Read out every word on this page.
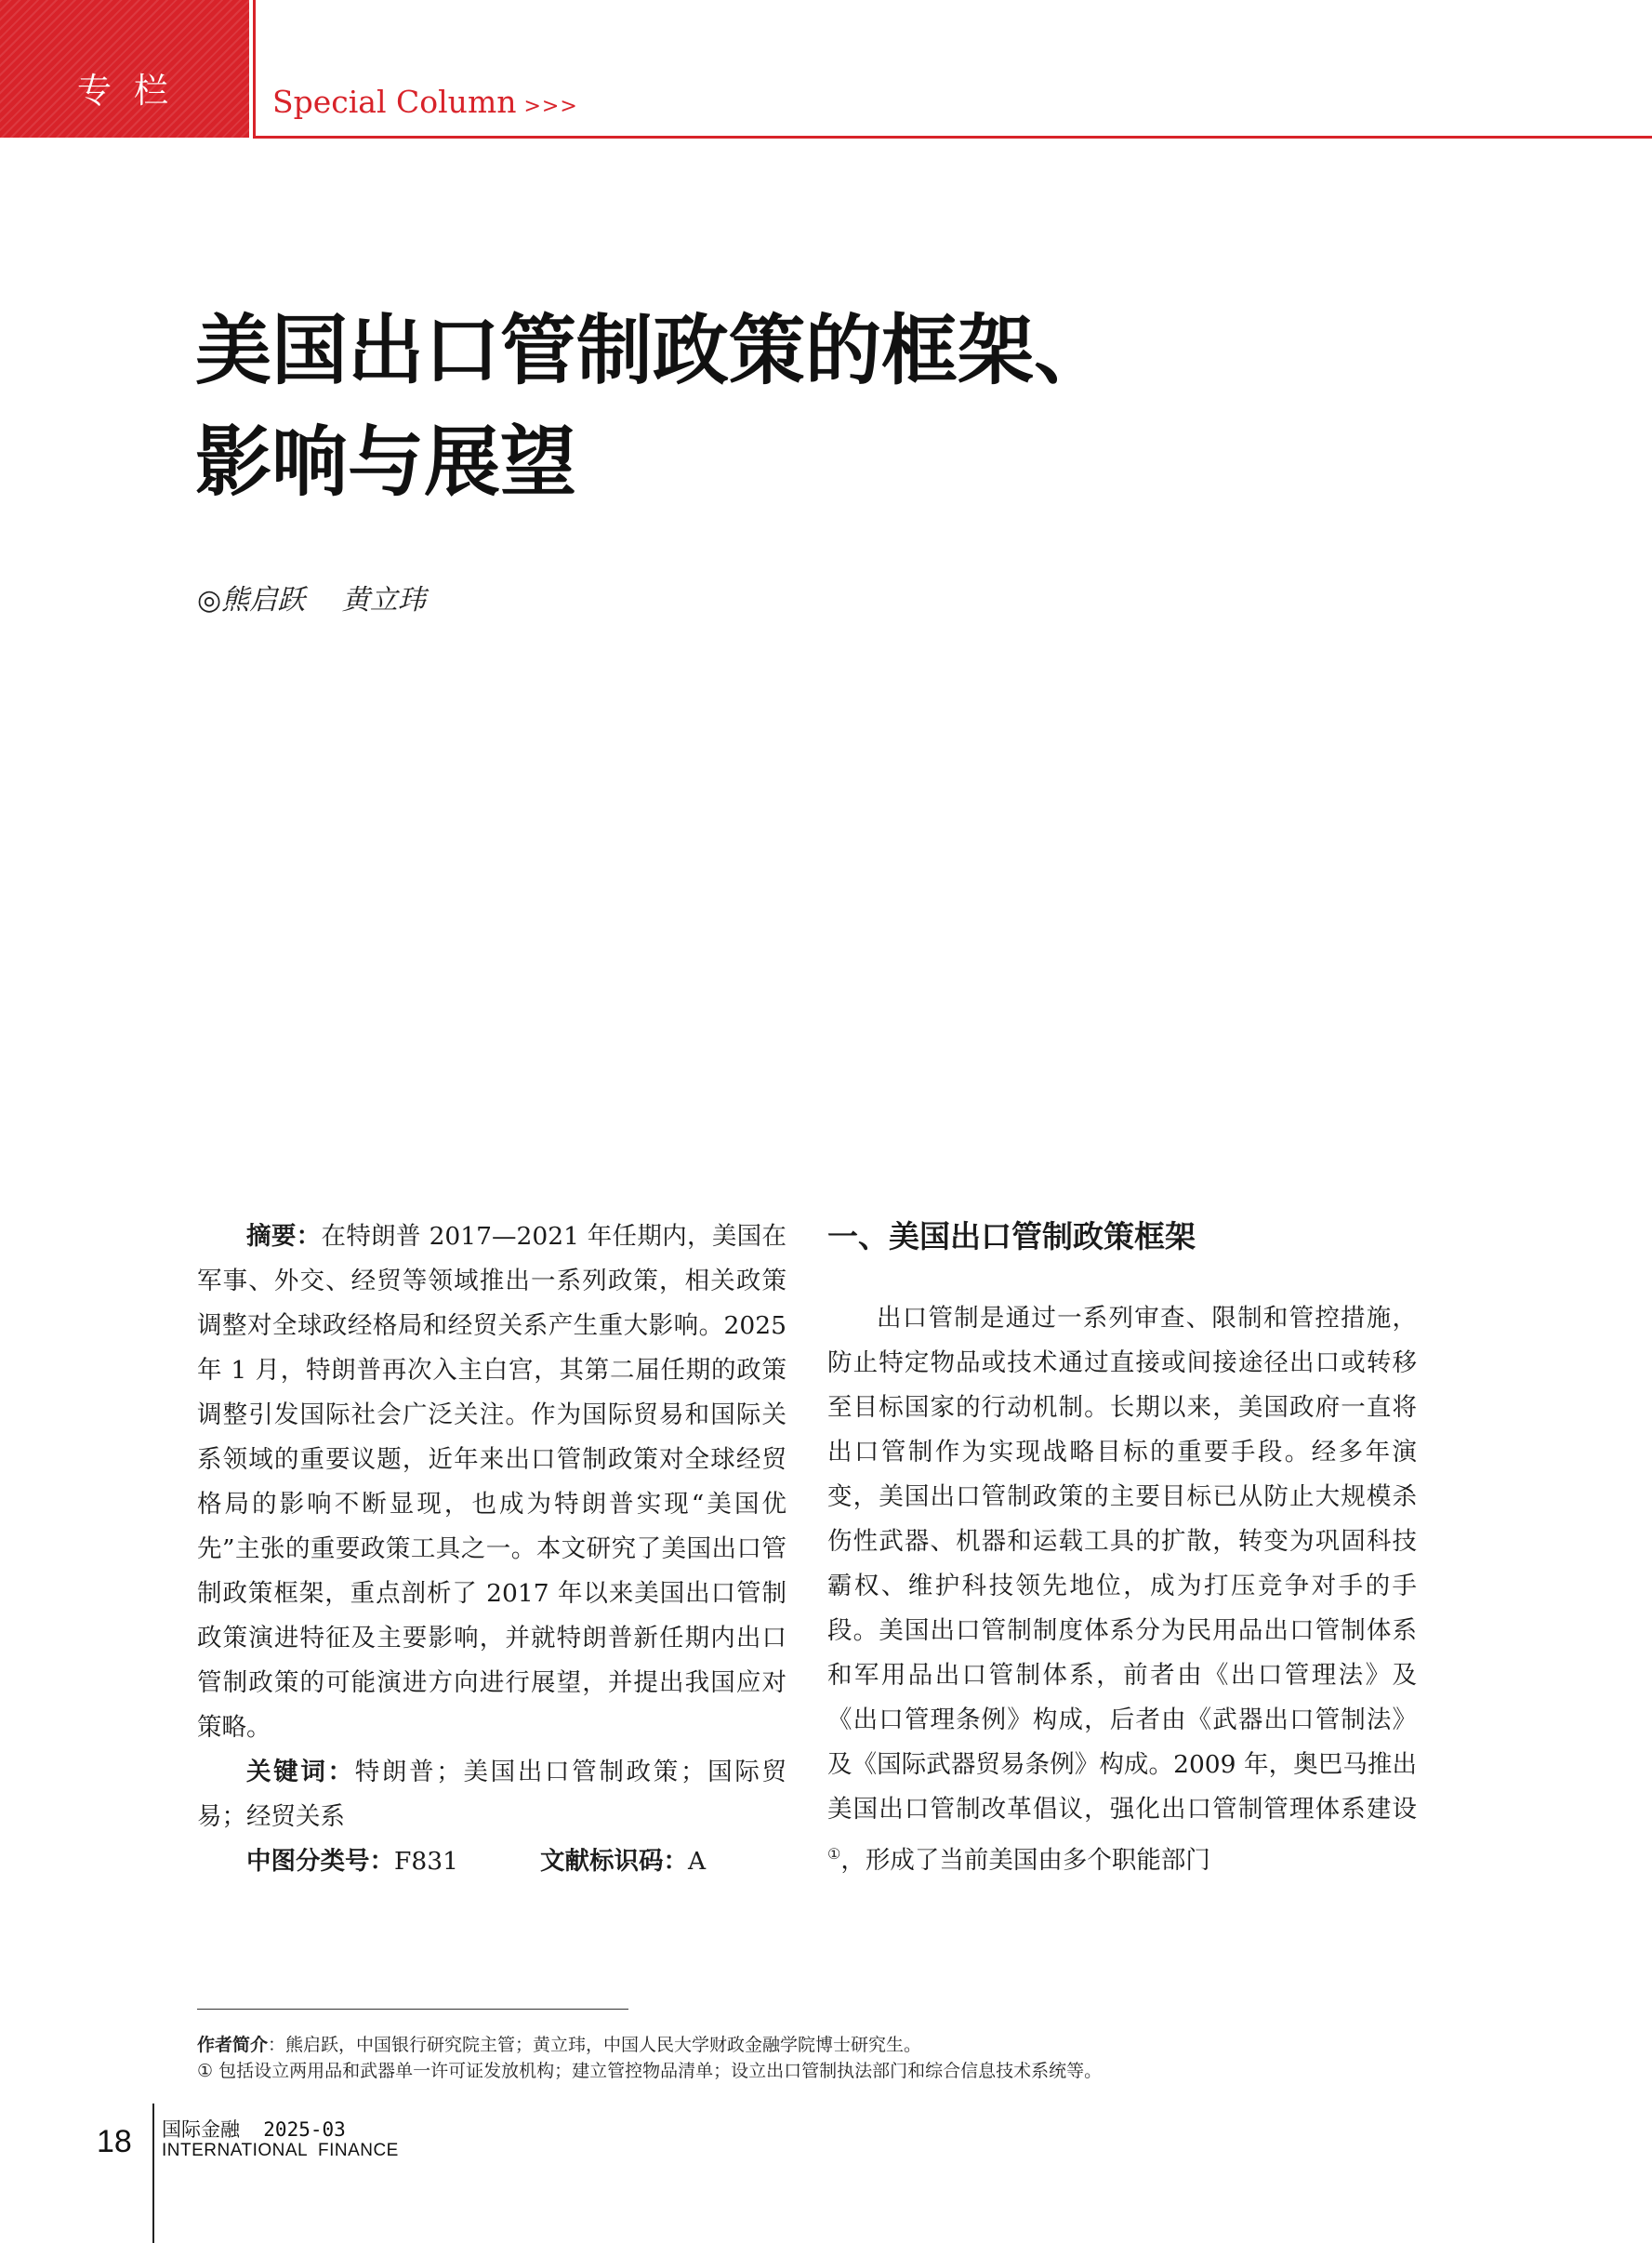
专栏	Special Column >>>
美国出口管制政策的框架、
影响与展望
◎熊启跃　 黄立玮

摘要：在特朗普 2017—2021 年任期内，美国在军事、外交、经贸等领域推出一系列政策，相关政策调整对全球政经格局和经贸关系产生重大影响。2025 年 1 月，特朗普再次入主白宫，其第二届任期的政策调整引发国际社会广泛关注。作为国际贸易和国际关系领域的重要议题，近年来出口管制政策对全球经贸格局的影响不断显现，也成为特朗普实现“美国优先”主张的重要政策工具之一。本文研究了美国出口管制政策框架，重点剖析了 2017 年以来美国出口管制政策演进特征及主要影响，并就特朗普新任期内出口管制政策的可能演进方向进行展望，并提出我国应对策略。

关键词：特朗普；美国出口管制政策；国际贸易；经贸关系

中图分类号：F831	文献标识码：A
一、美国出口管制政策框架

出口管制是通过一系列审查、限制和管控措施，防止特定物品或技术通过直接或间接途径出口或转移至目标国家的行动机制。长期以来，美国政府一直将出口管制作为实现战略目标的重要手段。经多年演变，美国出口管制政策的主要目标已从防止大规模杀伤性武器、机器和运载工具的扩散，转变为巩固科技霸权、维护科技领先地位，成为打压竞争对手的手段。美国出口管制制度体系分为民用品出口管制体系和军用品出口管制体系，前者由《出口管理法》及《出口管理条例》构成，后者由《武器出口管制法》及《国际武器贸易条例》构成。2009 年，奥巴马推出美国出口管制改革倡议，强化出口管制管理体系建设①，形成了当前美国由多个职能部门

作者简介：熊启跃，中国银行研究院主管；黄立玮，中国人民大学财政金融学院博士研究生。
① 包括设立两用品和武器单一许可证发放机构；建立管控物品清单；设立出口管制执法部门和综合信息技术系统等。
18 国际金融  2025-03
INTERNATIONAL  FINANCE
